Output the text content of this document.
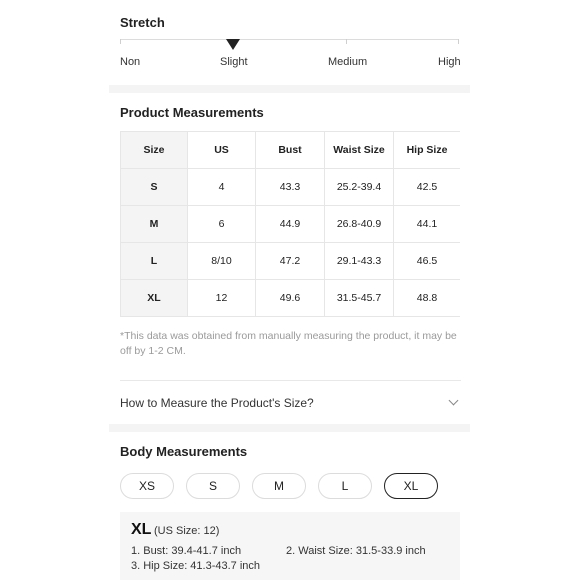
Stretch
Non	Slight	Medium	High
Product Measurements
Size	US	Bust	Waist Size	Hip Size
S	4	43.3	25.2-39.4	42.5
M	6	44.9	26.8-40.9	44.1
L	8/10	47.2	29.1-43.3	46.5
XL	12	49.6	31.5-45.7	48.8
*This data was obtained from manually measuring the product, it may be off by 1-2 CM.
How to Measure the Product's Size?
Body Measurements
XS	S	M	L	XL
XL (US Size: 12)
1. Bust: 39.4-41.7 inch	2. Waist Size: 31.5-33.9 inch
3. Hip Size: 41.3-43.7 inch
